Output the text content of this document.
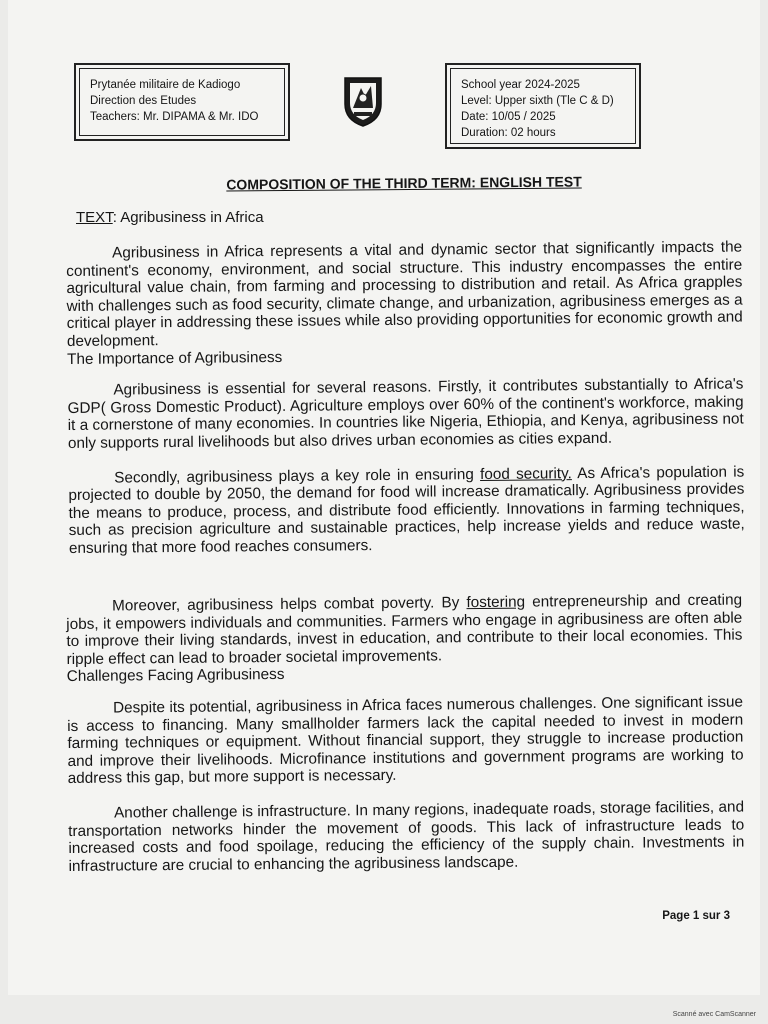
Prytanée militaire de Kadiogo
Direction des Etudes
Teachers: Mr. DIPAMA & Mr. IDO
School year 2024-2025
Level: Upper sixth (Tle C & D)
Date: 10/05 / 2025
Duration: 02 hours
COMPOSITION OF THE THIRD TERM: ENGLISH TEST
TEXT: Agribusiness in Africa

Agribusiness in Africa represents a vital and dynamic sector that significantly impacts the continent's economy, environment, and social structure. This industry encompasses the entire agricultural value chain, from farming and processing to distribution and retail. As Africa grapples with challenges such as food security, climate change, and urbanization, agribusiness emerges as a critical player in addressing these issues while also providing opportunities for economic growth and development.

The Importance of Agribusiness

Agribusiness is essential for several reasons. Firstly, it contributes substantially to Africa's GDP( Gross Domestic Product). Agriculture employs over 60% of the continent's workforce, making it a cornerstone of many economies. In countries like Nigeria, Ethiopia, and Kenya, agribusiness not only supports rural livelihoods but also drives urban economies as cities expand.

Secondly, agribusiness plays a key role in ensuring food security. As Africa's population is projected to double by 2050, the demand for food will increase dramatically. Agribusiness provides the means to produce, process, and distribute food efficiently. Innovations in farming techniques, such as precision agriculture and sustainable practices, help increase yields and reduce waste, ensuring that more food reaches consumers.

Moreover, agribusiness helps combat poverty. By fostering entrepreneurship and creating jobs, it empowers individuals and communities. Farmers who engage in agribusiness are often able to improve their living standards, invest in education, and contribute to their local economies. This ripple effect can lead to broader societal improvements.

Challenges Facing Agribusiness

Despite its potential, agribusiness in Africa faces numerous challenges. One significant issue is access to financing. Many smallholder farmers lack the capital needed to invest in modern farming techniques or equipment. Without financial support, they struggle to increase production and improve their livelihoods. Microfinance institutions and government programs are working to address this gap, but more support is necessary.

Another challenge is infrastructure. In many regions, inadequate roads, storage facilities, and transportation networks hinder the movement of goods. This lack of infrastructure leads to increased costs and food spoilage, reducing the efficiency of the supply chain. Investments in infrastructure are crucial to enhancing the agribusiness landscape.

Page 1 sur 3
Scanné avec CamScanner
